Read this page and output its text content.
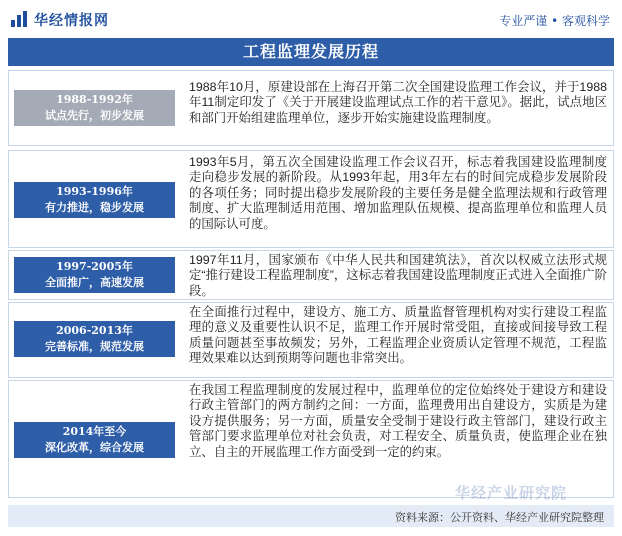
华经情报网	专业严谨 • 客观科学
工程监理发展历程
1988-1992年
试点先行，初步发展
1988年10月，原建设部在上海召开第二次全国建设监理工作会议，并于1988年11制定印发了《关于开展建设监理试点工作的若干意见》。据此，试点地区和部门开始组建监理单位，逐步开始实施建设监理制度。
1993-1996年
有力推进，稳步发展
1993年5月，第五次全国建设监理工作会议召开，标志着我国建设监理制度走向稳步发展的新阶段。从1993年起，用3年左右的时间完成稳步发展阶段的各项任务；同时提出稳步发展阶段的主要任务是健全监理法规和行政管理制度、扩大监理制适用范围、增加监理队伍规模、提高监理单位和监理人员的国际认可度。
1997-2005年
全面推广，高速发展
1997年11月，国家颁布《中华人民共和国建筑法》，首次以权威立法形式规定“推行建设工程监理制度”，这标志着我国建设监理制度正式进入全面推广阶段。
2006-2013年
完善标准，规范发展
在全面推行过程中，建设方、施工方、质量监督管理机构对实行建设工程监理的意义及重要性认识不足，监理工作开展时常受阻，直接或间接导致工程质量问题甚至事故频发；另外，工程监理企业资质认定管理不规范，工程监理效果难以达到预期等问题也非常突出。
2014年至今
深化改革，综合发展
在我国工程监理制度的发展过程中，监理单位的定位始终处于建设方和建设行政主管部门的两方制约之间：一方面，监理费用出自建设方，实质是为建设方提供服务；另一方面，质量安全受制于建设行政主管部门，建设行政主管部门要求监理单位对社会负责，对工程安全、质量负责，使监理企业在独立、自主的开展监理工作方面受到一定的约束。
华经产业研究院
资料来源：公开资料、华经产业研究院整理
